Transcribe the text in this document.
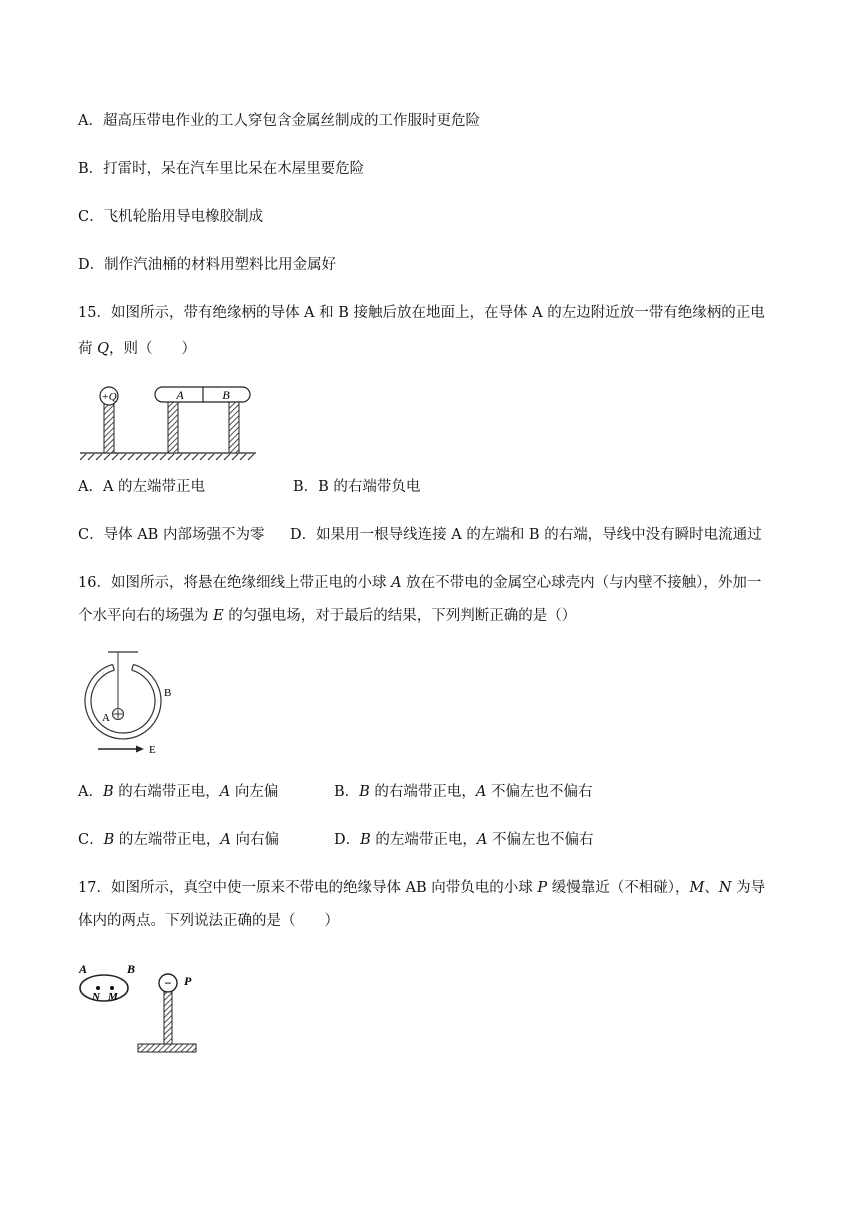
A．超高压带电作业的工人穿包含金属丝制成的工作服时更危险
B．打雷时，呆在汽车里比呆在木屋里要危险
C．飞机轮胎用导电橡胶制成
D．制作汽油桶的材料用塑料比用金属好
15．如图所示，带有绝缘柄的导体 A 和 B 接触后放在地面上，在导体 A 的左边附近放一带有绝缘柄的正电
荷 Q，则（　　）
+Q	A	B
A．A 的左端带正电	B．B 的右端带负电
C．导体 AB 内部场强不为零 D．如果用一根导线连接 A 的左端和 B 的右端，导线中没有瞬时电流通过
16．如图所示，将悬在绝缘细线上带正电的小球 A 放在不带电的金属空心球壳内（与内壁不接触），外加一
个水平向右的场强为 E 的匀强电场，对于最后的结果，下列判断正确的是（）
A
B
E
A．B 的右端带正电，A 向左偏	B．B 的右端带正电，A 不偏左也不偏右
C．B 的左端带正电，A 向右偏	D．B 的左端带正电，A 不偏左也不偏右
17．如图所示，真空中使一原来不带电的绝缘导体 AB 向带负电的小球 P 缓慢靠近（不相碰），M、N 为导
体内的两点。下列说法正确的是（　　）
A	B
N M
− P
